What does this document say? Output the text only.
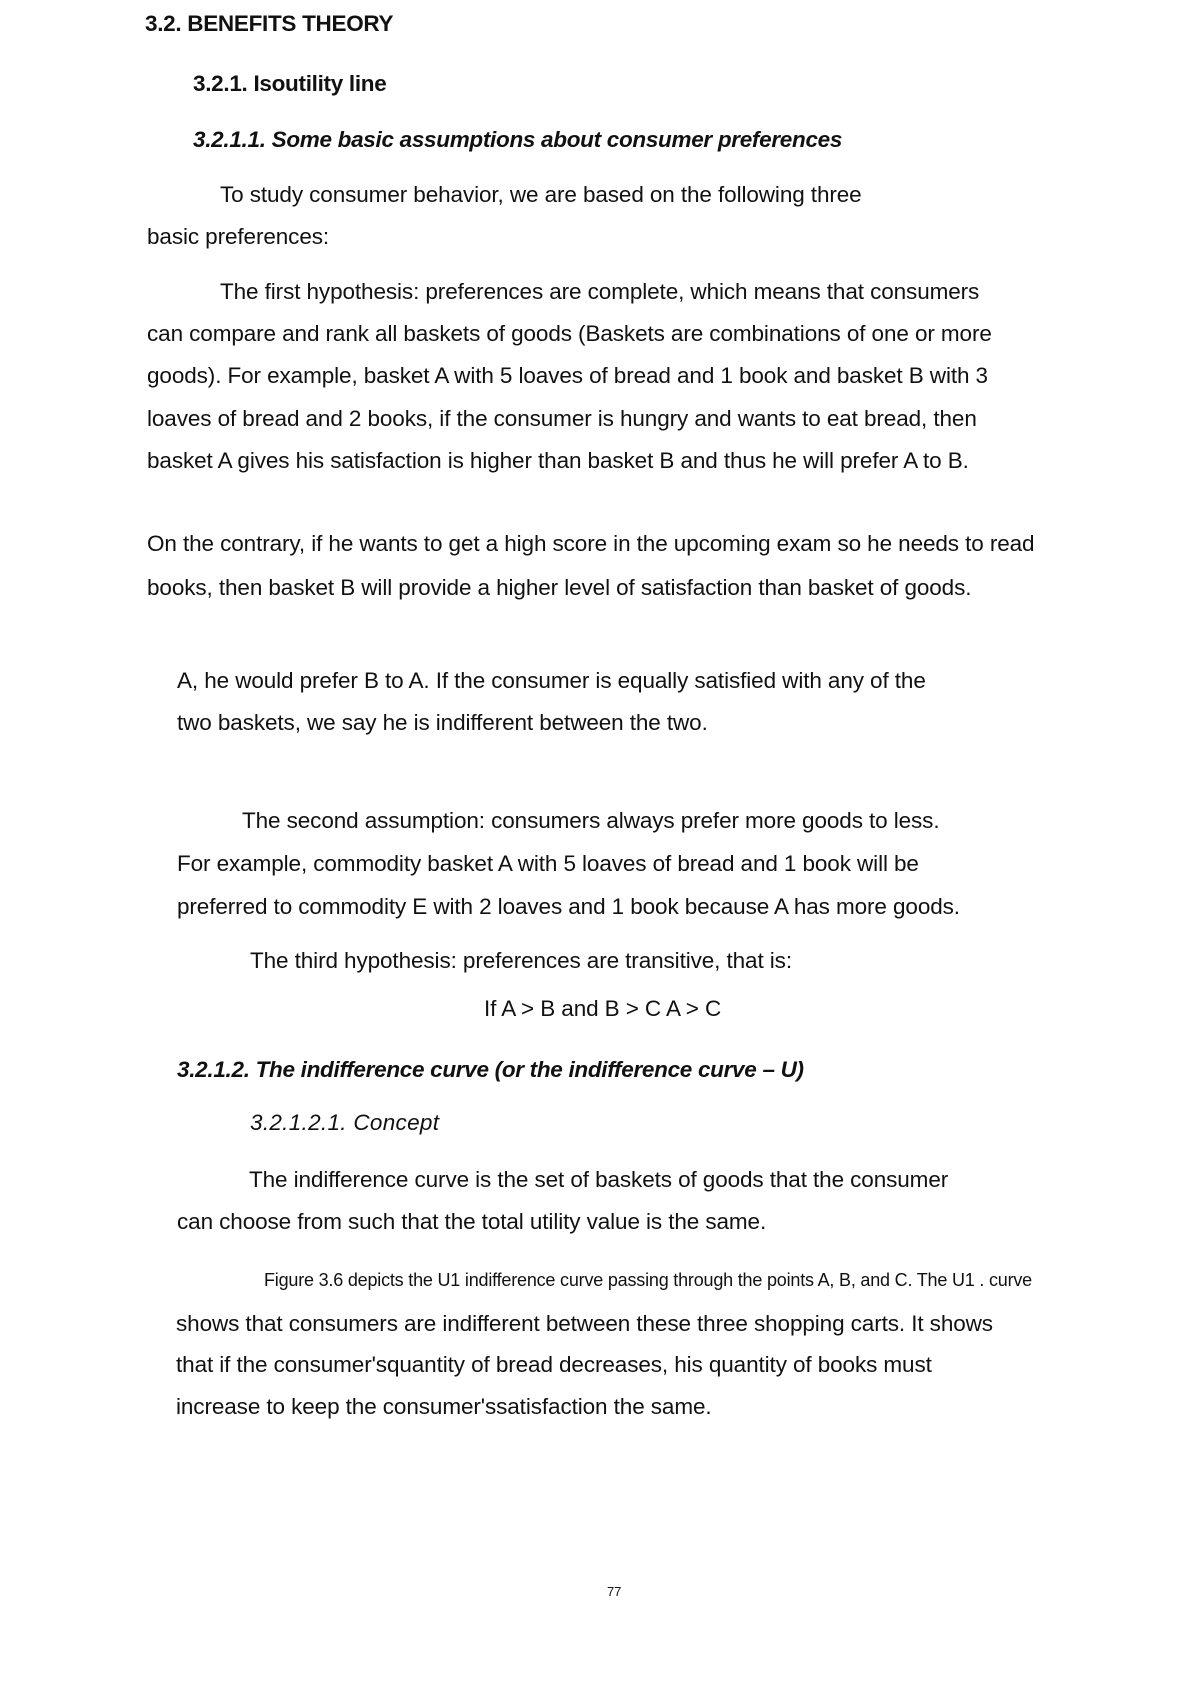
3.2. BENEFITS THEORY

3.2.1. Isoutility line

3.2.1.1. Some basic assumptions about consumer preferences

To study consumer behavior, we are based on the following three

basic preferences:

The first hypothesis: preferences are complete, which means that consumers

can compare and rank all baskets of goods (Baskets are combinations of one or more

goods). For example, basket A with 5 loaves of bread and 1 book and basket B with 3

loaves of bread and 2 books, if the consumer is hungry and wants to eat bread, then

basket A gives his satisfaction is higher than basket B and thus he will prefer A to B.

On the contrary, if he wants to get a high score in the upcoming exam so he needs to read

books, then basket B will provide a higher level of satisfaction than basket of goods.

A, he would prefer B to A. If the consumer is equally satisfied with any of the

two baskets, we say he is indifferent between the two.

The second assumption: consumers always prefer more goods to less.

For example, commodity basket A with 5 loaves of bread and 1 book will be

preferred to commodity E with 2 loaves and 1 book because A has more goods.

The third hypothesis: preferences are transitive, that is:

If A > B and B > C A > C

3.2.1.2. The indifference curve (or the indifference curve – U)

3.2.1.2.1. Concept

The indifference curve is the set of baskets of goods that the consumer

can choose from such that the total utility value is the same.

Figure 3.6 depicts the U1 indifference curve passing through the points A, B, and C. The U1 . curve

shows that consumers are indifferent between these three shopping carts. It shows

that if the consumer'squantity of bread decreases, his quantity of books must

increase to keep the consumer'ssatisfaction the same.

77
